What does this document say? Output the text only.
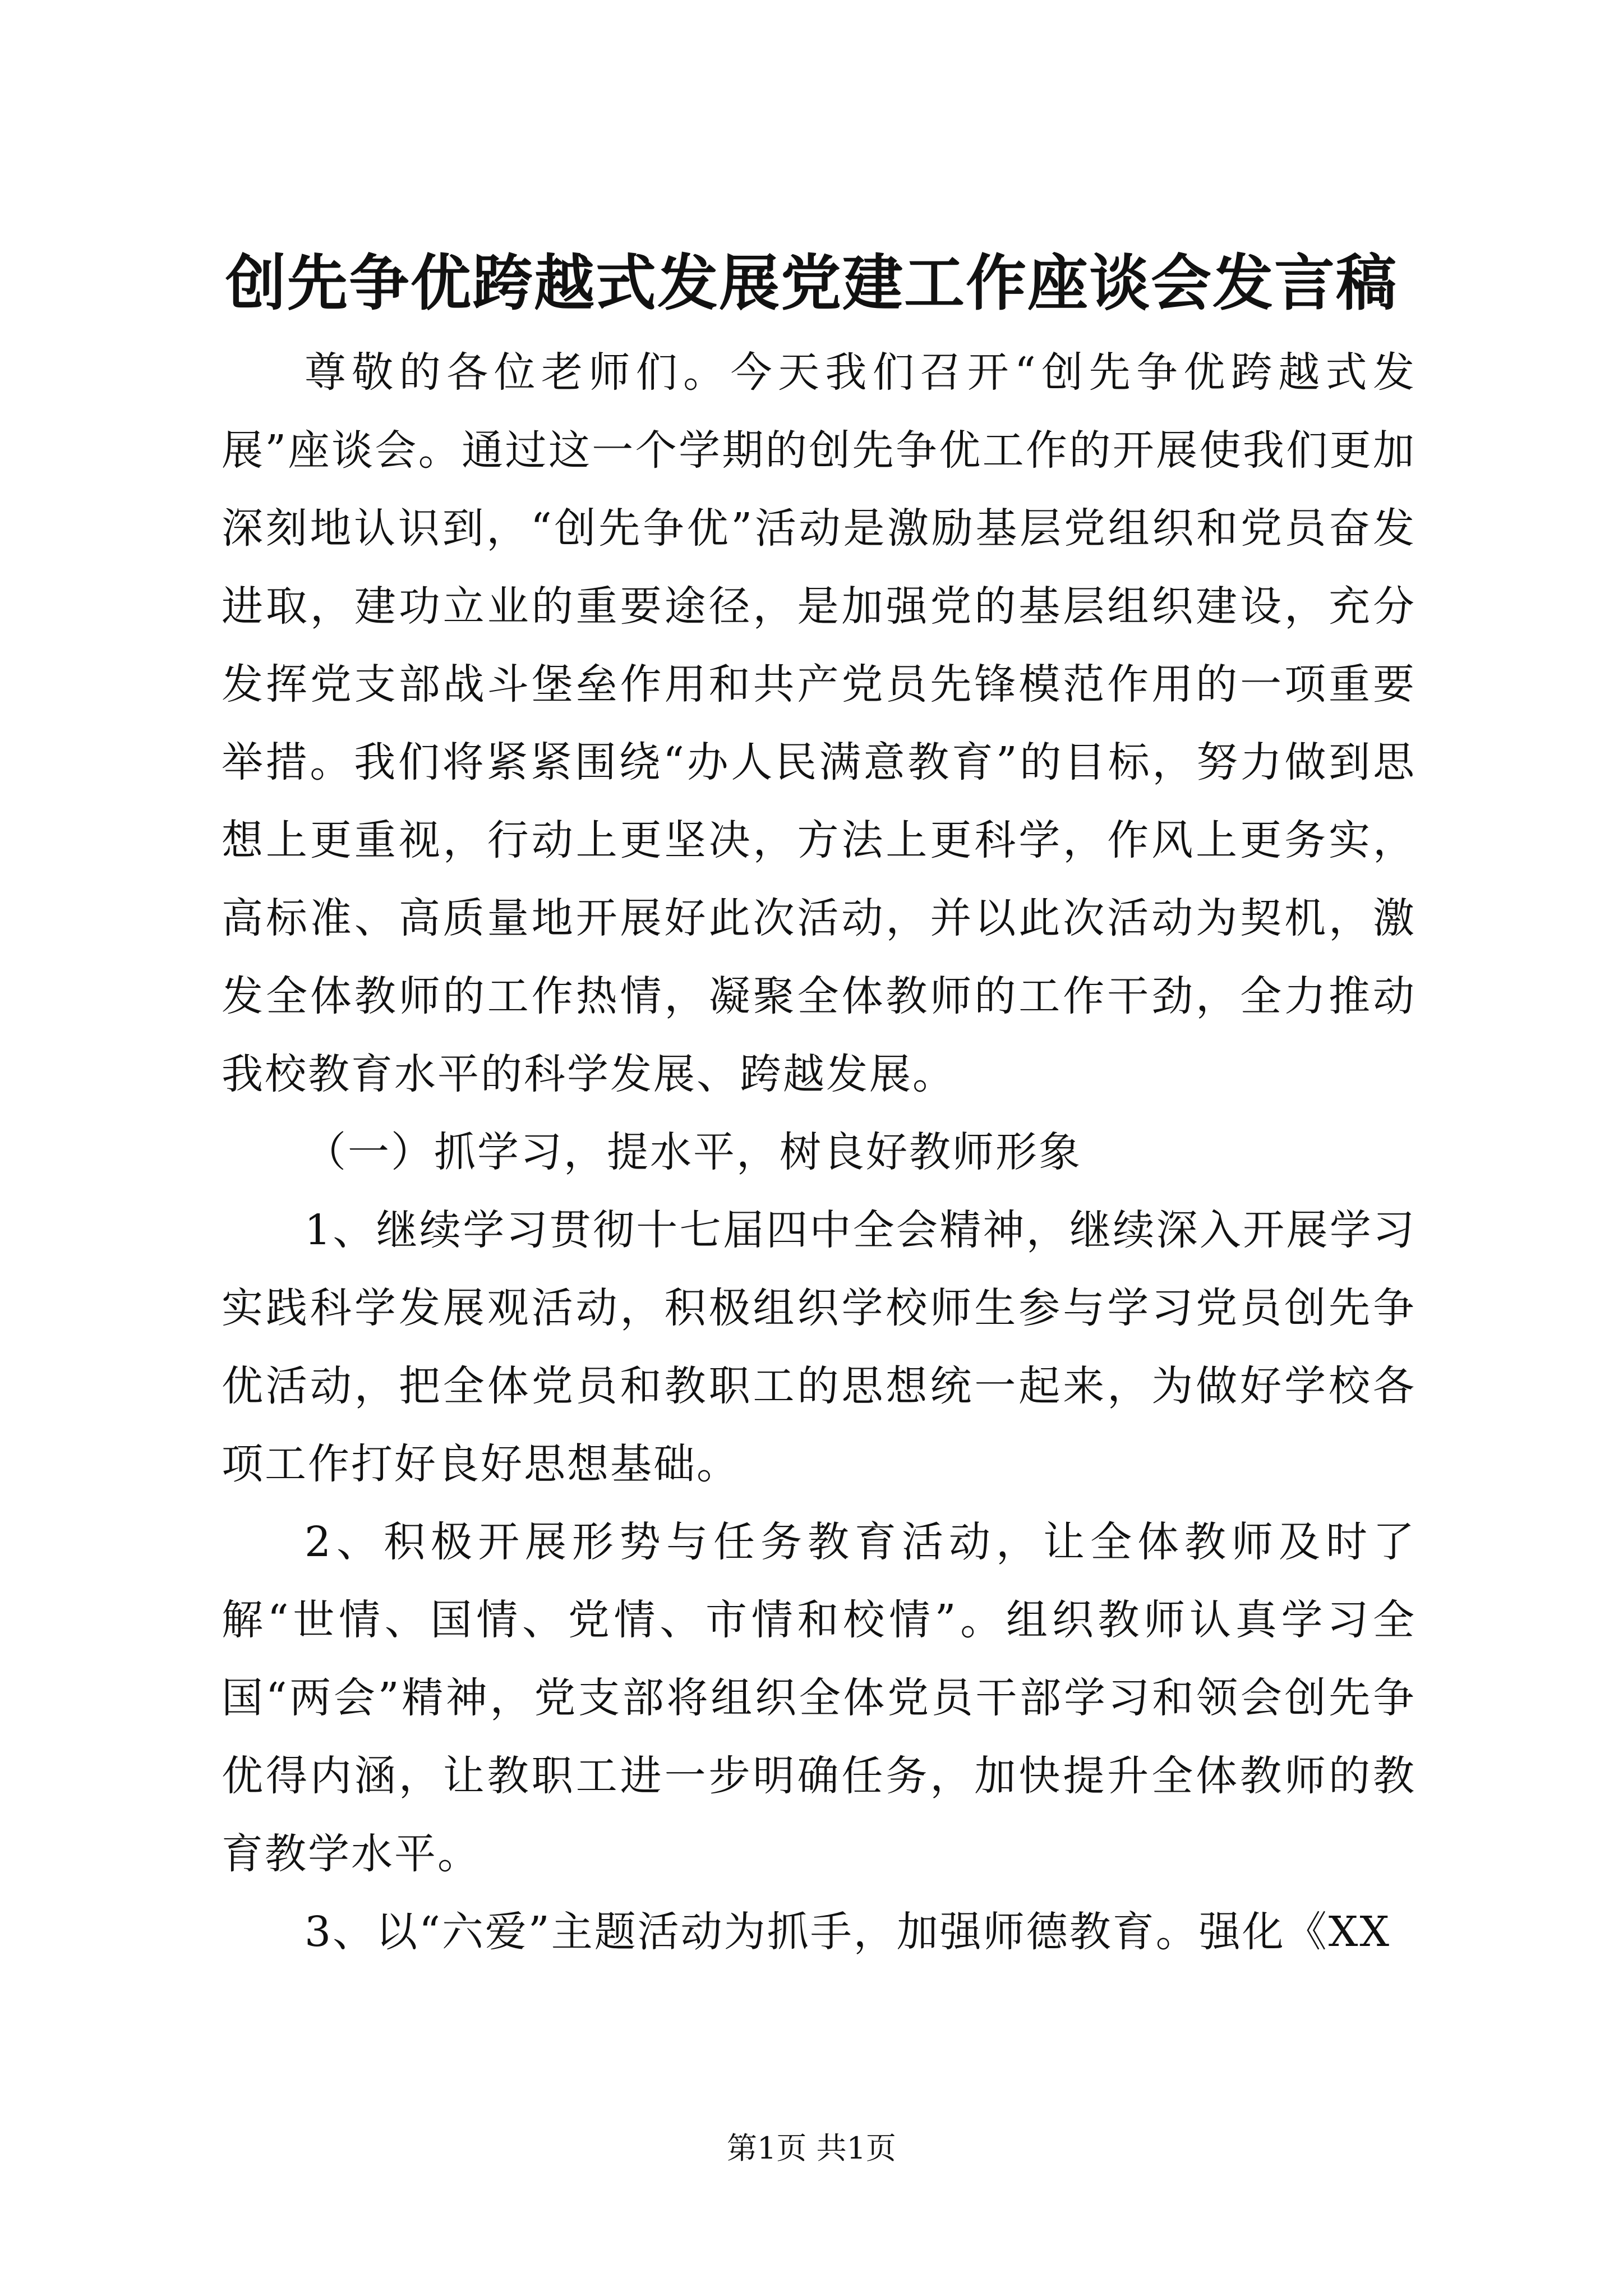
创先争优跨越式发展党建工作座谈会发言稿

尊敬的各位老师们。今天我们召开“创先争优跨越式发展”座谈会。通过这一个学期的创先争优工作的开展使我们更加深刻地认识到，“创先争优”活动是激励基层党组织和党员奋发进取，建功立业的重要途径，是加强党的基层组织建设，充分发挥党支部战斗堡垒作用和共产党员先锋模范作用的一项重要举措。我们将紧紧围绕“办人民满意教育”的目标，努力做到思想上更重视，行动上更坚决，方法上更科学，作风上更务实，高标准、高质量地开展好此次活动，并以此次活动为契机，激发全体教师的工作热情，凝聚全体教师的工作干劲，全力推动我校教育水平的科学发展、跨越发展。

（一）抓学习，提水平，树良好教师形象

1、继续学习贯彻十七届四中全会精神，继续深入开展学习实践科学发展观活动，积极组织学校师生参与学习党员创先争优活动，把全体党员和教职工的思想统一起来，为做好学校各项工作打好良好思想基础。

2、积极开展形势与任务教育活动，让全体教师及时了解“世情、国情、党情、市情和校情”。组织教师认真学习全国“两会”精神，党支部将组织全体党员干部学习和领会创先争优得内涵，让教职工进一步明确任务，加快提升全体教师的教育教学水平。

3、以“六爱”主题活动为抓手，加强师德教育。强化《XX

第1页 共1页
